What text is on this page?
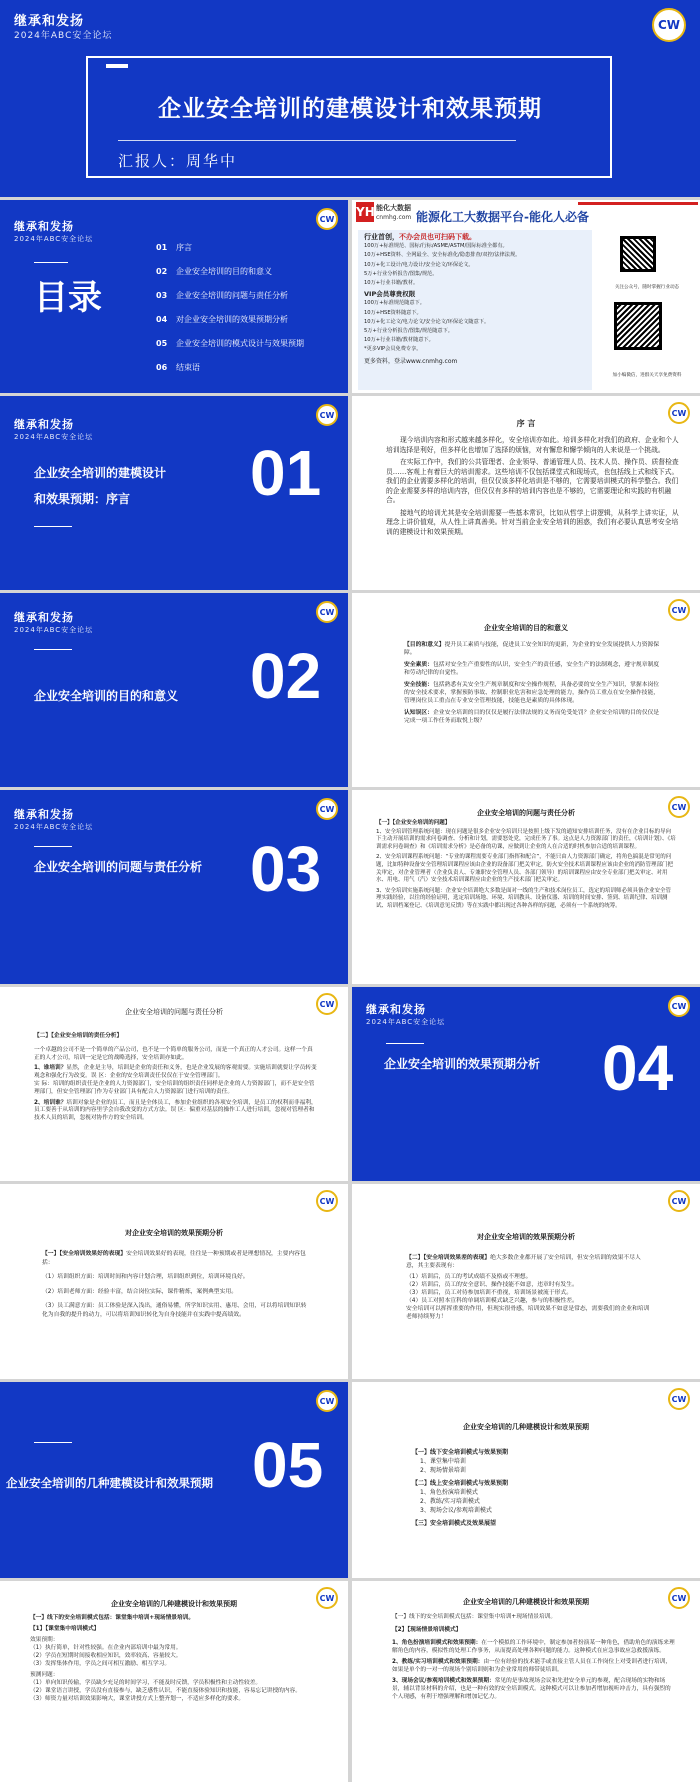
继承和发扬
2024年ABC安全论坛
CW
企业安全培训的建模设计和效果预期
汇报人：周华中
继承和发扬
2024年ABC安全论坛
CW
目录
01 序言
02 企业安全培训的目的和意义
03 企业安全培训的问题与责任分析
04 对企业安全培训的效果预期分析
05 企业安全培训的模式设计与效果预期
06 结束语
YH 能化大数据
cnmhg.com 能源化工大数据平台-能化人必备
行业首创，不办会员也可扫码下载。
100万+标准规范、国标/行标/ASME/ASTM/国际标准全都有。
10万+HSE资料、全网最全、安全标准化/隐患排查/双控/法律法规。
10万+化工设计/电力设计/安全论文/环保论文。
5万+行业分析报告/图集/规范。
10万+行业书籍/教材。
VIP会员尊贵权限
100万+标准规范随意下。
10万+HSE资料随意下。
10万+化工论文/电力论文/安全论文/环保论文随意下。
5万+行业分析报告/图集/规范随意下。
10万+行业书籍/教材随意下。
*更多VIP会员免费专享。
更多资料，登录www.cnmhg.com
关注公众号，随时掌握行业动态
加小编微信，进群关天享免费资料
继承和发扬
2024年ABC安全论坛
CW
企业安全培训的建模设计
和效果预期：序言	01
CW
序 言

现今培训内容和形式越来越多样化，安全培训亦如此。培训多样化对我们的政府、企业和个人培训选择是利好，但多样化也增加了选择的烦恼，对有懈怠和懈学倾向的人来说是一个挑战。

在实际工作中，我们的公共管理者、企业领导、普通管理人员、技术人员、操作员、质督检查员……客观上有着巨大的培训需求。这些培训不仅包括课堂式和现场式，也包括线上式和线下式。我们的企业需要多样化的培训，但仅仅该多样化培训是不够的，它需要培训模式的科学整合。我们的企业需要多样的培训内容，但仅仅有多样的培训内容也是不够的，它需要理论和实践的有机融合。

接地气的培训尤其是安全培训需要一些基本常识，比如从哲学上讲逻辑，从科学上讲实证，从理念上讲价值观，从人性上讲真善美。针对当前企业安全培训的困惑，我们有必要认真思考安全培训的建模设计和效果预期。

继承和发扬
2024年ABC安全论坛
CW
企业安全培训的目的和意义 02
CW
企业安全培训的目的和意义

【目的和意义】提升员工素质与技能，促进员工安全知识的更新，为企业的安全发展提供人力资源保障。

安全素质：包括对安全生产重要性的认识，安全生产的责任感，安全生产的法制观念，遵守规章制度和劳动纪律的自觉性。

安全技能：包括熟悉有关安全生产规章制度和安全操作规程，具备必要的安全生产知识，掌握本岗位的安全技术要求，掌握预防事故、控制职业危害和应急处理的能力，操作员工重点在安全操作技能，管理岗位员工重点在专业安全管理技能，技能也是素质的具体体现。

认知误区：企业安全培训的目的仅仅是履行法律法规的义务而免受处罚？企业安全培训的目的仅仅是完成一项工作任务而取悦上级？

继承和发扬
2024年ABC安全论坛
CW
企业安全培训的问题与责任分析 03
CW
企业安全培训的问题与责任分析

【一】【企业安全培训的问题】

1、安全培训管理系统问题：现在问题是很多企业安全培训只是按照上级下发的通知安排培训任务，没有在企业目标的导向下主动开展培训的需求问卷调查、分析和计划，需要怒处党，完成任务了事。这点是人力资源部门的责任，《培训计划》、《培训需求问卷调查》和《培训需求分析》是必备的功课，应做到让企业的人在合适的时机参加合适的培训课程。

2、安全培训课程系统问题：“专业的课程需要专业部门指挥和配合”，不能只由人力资源部门确定，将角色搞混是常见的问题，比如特种设备安全管理培训课程应该由企业的设备部门把关审定，防火安全技术培训课程应该由企业的消防管理部门把关审定，对企业管理者（企业负责人、专兼职安全管理人员、各部门领导）的培训课程应由安全专业部门把关审定、对用水、用电、用气（汽）安全技术培训课程应由企业的生产技术部门把关审定。

3、安全培训实施系统问题：企业安全培训绝大多数是面对一线的生产和技术岗位员工，选定的培训师必须具备企业安全管理实践经验，以往的经验证明，选定培训场地、环境、培训教具、设备仪器、培训的时间安排、签到、培训纪律、培训测试、培训档案登记、《培训意见反馈》等在实践中都出现过各种各样的问题，必须有一个系统的统筹。

CW
企业安全培训的问题与责任分析

【二】【企业安全培训的责任分析】

一个卓越的公司不是一个简单的产品公司，也不是一个简单的服务公司，而是一个真正的人才公司。这样一个真正的人才公司，培训一定是它的战略选择，安全培训亦如此。

1、谁培训？显然，企业是主导，培训是企业的责任和义务，也是企业发展的客观需要。实施培训就要让学员转变观念和强化行为改变。误 区：企业的安全培训责任仅仅在于安全管理部门。
实 际：培训的组织责任是企业的人力资源部门，安全培训的组织责任同样是企业的人力资源部门，而不是安全管理部门，但安全管理部门作为专业部门具有配合人力资源部门进行培训的责任。

2、培训谁？培训对象是企业的员工，而且是全体员工，参加企业组织的各项安全培训，是员工的权利而非福利，员工要善于从培训的内容里学会自我改变的方式方法。误 区：偏重对基层的操作工人进行培训，忽视对管理者和技术人员的培训，忽视对协作方的安全培训。

继承和发扬
2024年ABC安全论坛
CW
企业安全培训的效果预期分析 04
CW
对企业安全培训的效果预期分析

【一】【安全培训效果好的表现】安全培训效果好的表现，往往是一种预期或者是理想情况，主要内容包括：

（1）培训组织方面：培训时间和内容计划合理，培训组织到位，培训环境良好。

（2）培训老师方面：经验丰富，结合岗位实际，课件精炼，案例典型实用。

（3）员工满意方面：员工体验是深入浅出，通俗易懂，所学知识实用、惠用、会用，可以将培训知识转化为自我的提升的动力，可以将培训知识转化为自身技能并在实践中提高绩效。

CW
对企业安全培训的效果预期分析

【二】【安全培训效果差的表现】绝大多数企业都开展了安全培训，但安全培训的效果不尽人意，其主要表现有：

（1）培训后，员工的考试成绩不及格或不理想。
（2）培训后，员工的安全意识、操作技能不如意，违章时有发生。
（3）培训后，员工对待参加培训不重视，培训场景被流于形式。
（4）员工对照本宣科的单调培训模式缺乏兴趣，参与的积极性差。

安全培训可以挥挥重要的作用，但现实很骨感，培训效果不如意是常态，需要我们的企业和培训老师持续努力！

CW
企业安全培训的几种建模设计和效果预期 05
CW
企业安全培训的几种建模设计和效果预期
【一】线下安全培训模式与效果预期
1、课堂集中培训
2、现场情景培训
【二】线上安全培训模式与效果预期
1、角色扮演培训模式
2、教练/实习培训模式
3、现场会议/参观培训模式
【三】安全培训模式及效果展望
CW
企业安全培训的几种建模设计和效果预期

【一】线下的安全培训模式包括：课堂集中培训+现场情景培训。

【1】【课堂集中培训模式】

效果预期：
（1）执行简单，针对性较强。在企业内部培训中最为常用。
（2）学员在短期时间接收相应知识，效率较高、容量较大。
（3）发挥集体作用，学员之间可相互激励、相互学习。
预测问题：
（1）单向知识传输，学员缺少充足的时间学习，不能及时反馈，学员积极性和主动性较差。
（2）课堂语言讲授，学员没有直接参与，缺乏感性认识，不能直接体验知识和技能，容易忘记讲授的内容。
（3）师资力量对培训效果影响大，课堂讲授方式上整齐划一，不适应多样化的要求。
CW
企业安全培训的几种建模设计和效果预期

【一】线下的安全培训模式包括：课堂集中培训+现场情景培训。

【2】【现场情景培训模式】

1、角色扮演培训模式和效果预期：在一个模拟的工作环境中，制定参加者扮演某一种角色，借助角色的演练来理解角色的内容，模拟性的处理工作事务，从而提高处理各种问题的能力。这种模式在应急事故应急救援演练。

2、教练/实习培训模式和效果预期：由一位有经验的技术能手或直接主管人员在工作岗位上对受训者进行培训，如果是单个的一对一的现场个别培训则和为企业常用的师带徒培训。

3、现场会议/参观培训模式和效果预期：常见的是事故现场会议和先进安全单元的参观，配合现场的实物和场景，辅以背景材料的介绍，也是一种有效的安全培训模式。这种模式可以让参加者增加视听冲击力，具有强烈的个人现感，有利于增强理解和增加记忆力。
